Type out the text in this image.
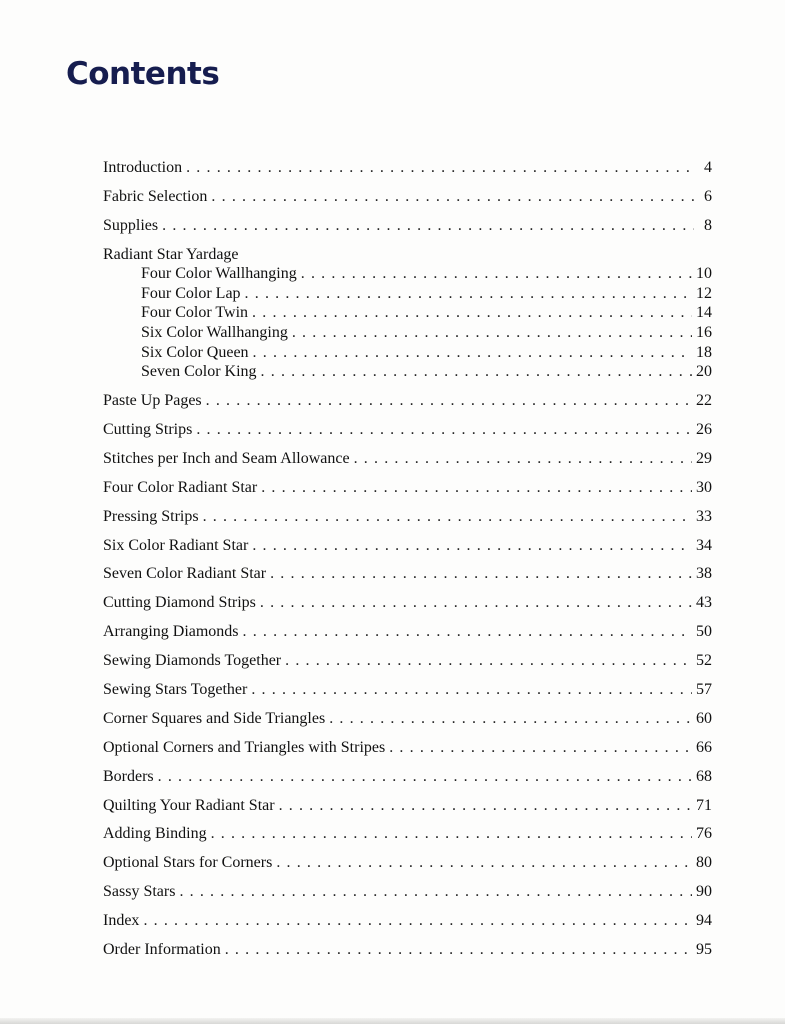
Contents
Introduction . . .	4
Fabric Selection . . .	6
Supplies . . .	8
Radiant Star Yardage
Four Color Wallhanging . . .	10
Four Color Lap . . .	12
Four Color Twin . . .	14
Six Color Wallhanging . . .	16
Six Color Queen . . .	18
Seven Color King . . .	20
Paste Up Pages . . .	22
Cutting Strips . . .	26
Stitches per Inch and Seam Allowance . . .	29
Four Color Radiant Star . . .	30
Pressing Strips . . .	33
Six Color Radiant Star . . .	34
Seven Color Radiant Star . . .	38
Cutting Diamond Strips . . .	43
Arranging Diamonds . . .	50
Sewing Diamonds Together . . .	52
Sewing Stars Together . . .	57
Corner Squares and Side Triangles . . .	60
Optional Corners and Triangles with Stripes . . .	66
Borders . . .	68
Quilting Your Radiant Star . . .	71
Adding Binding . . .	76
Optional Stars for Corners . . .	80
Sassy Stars . . .	90
Index . . .	94
Order Information . . .	95
